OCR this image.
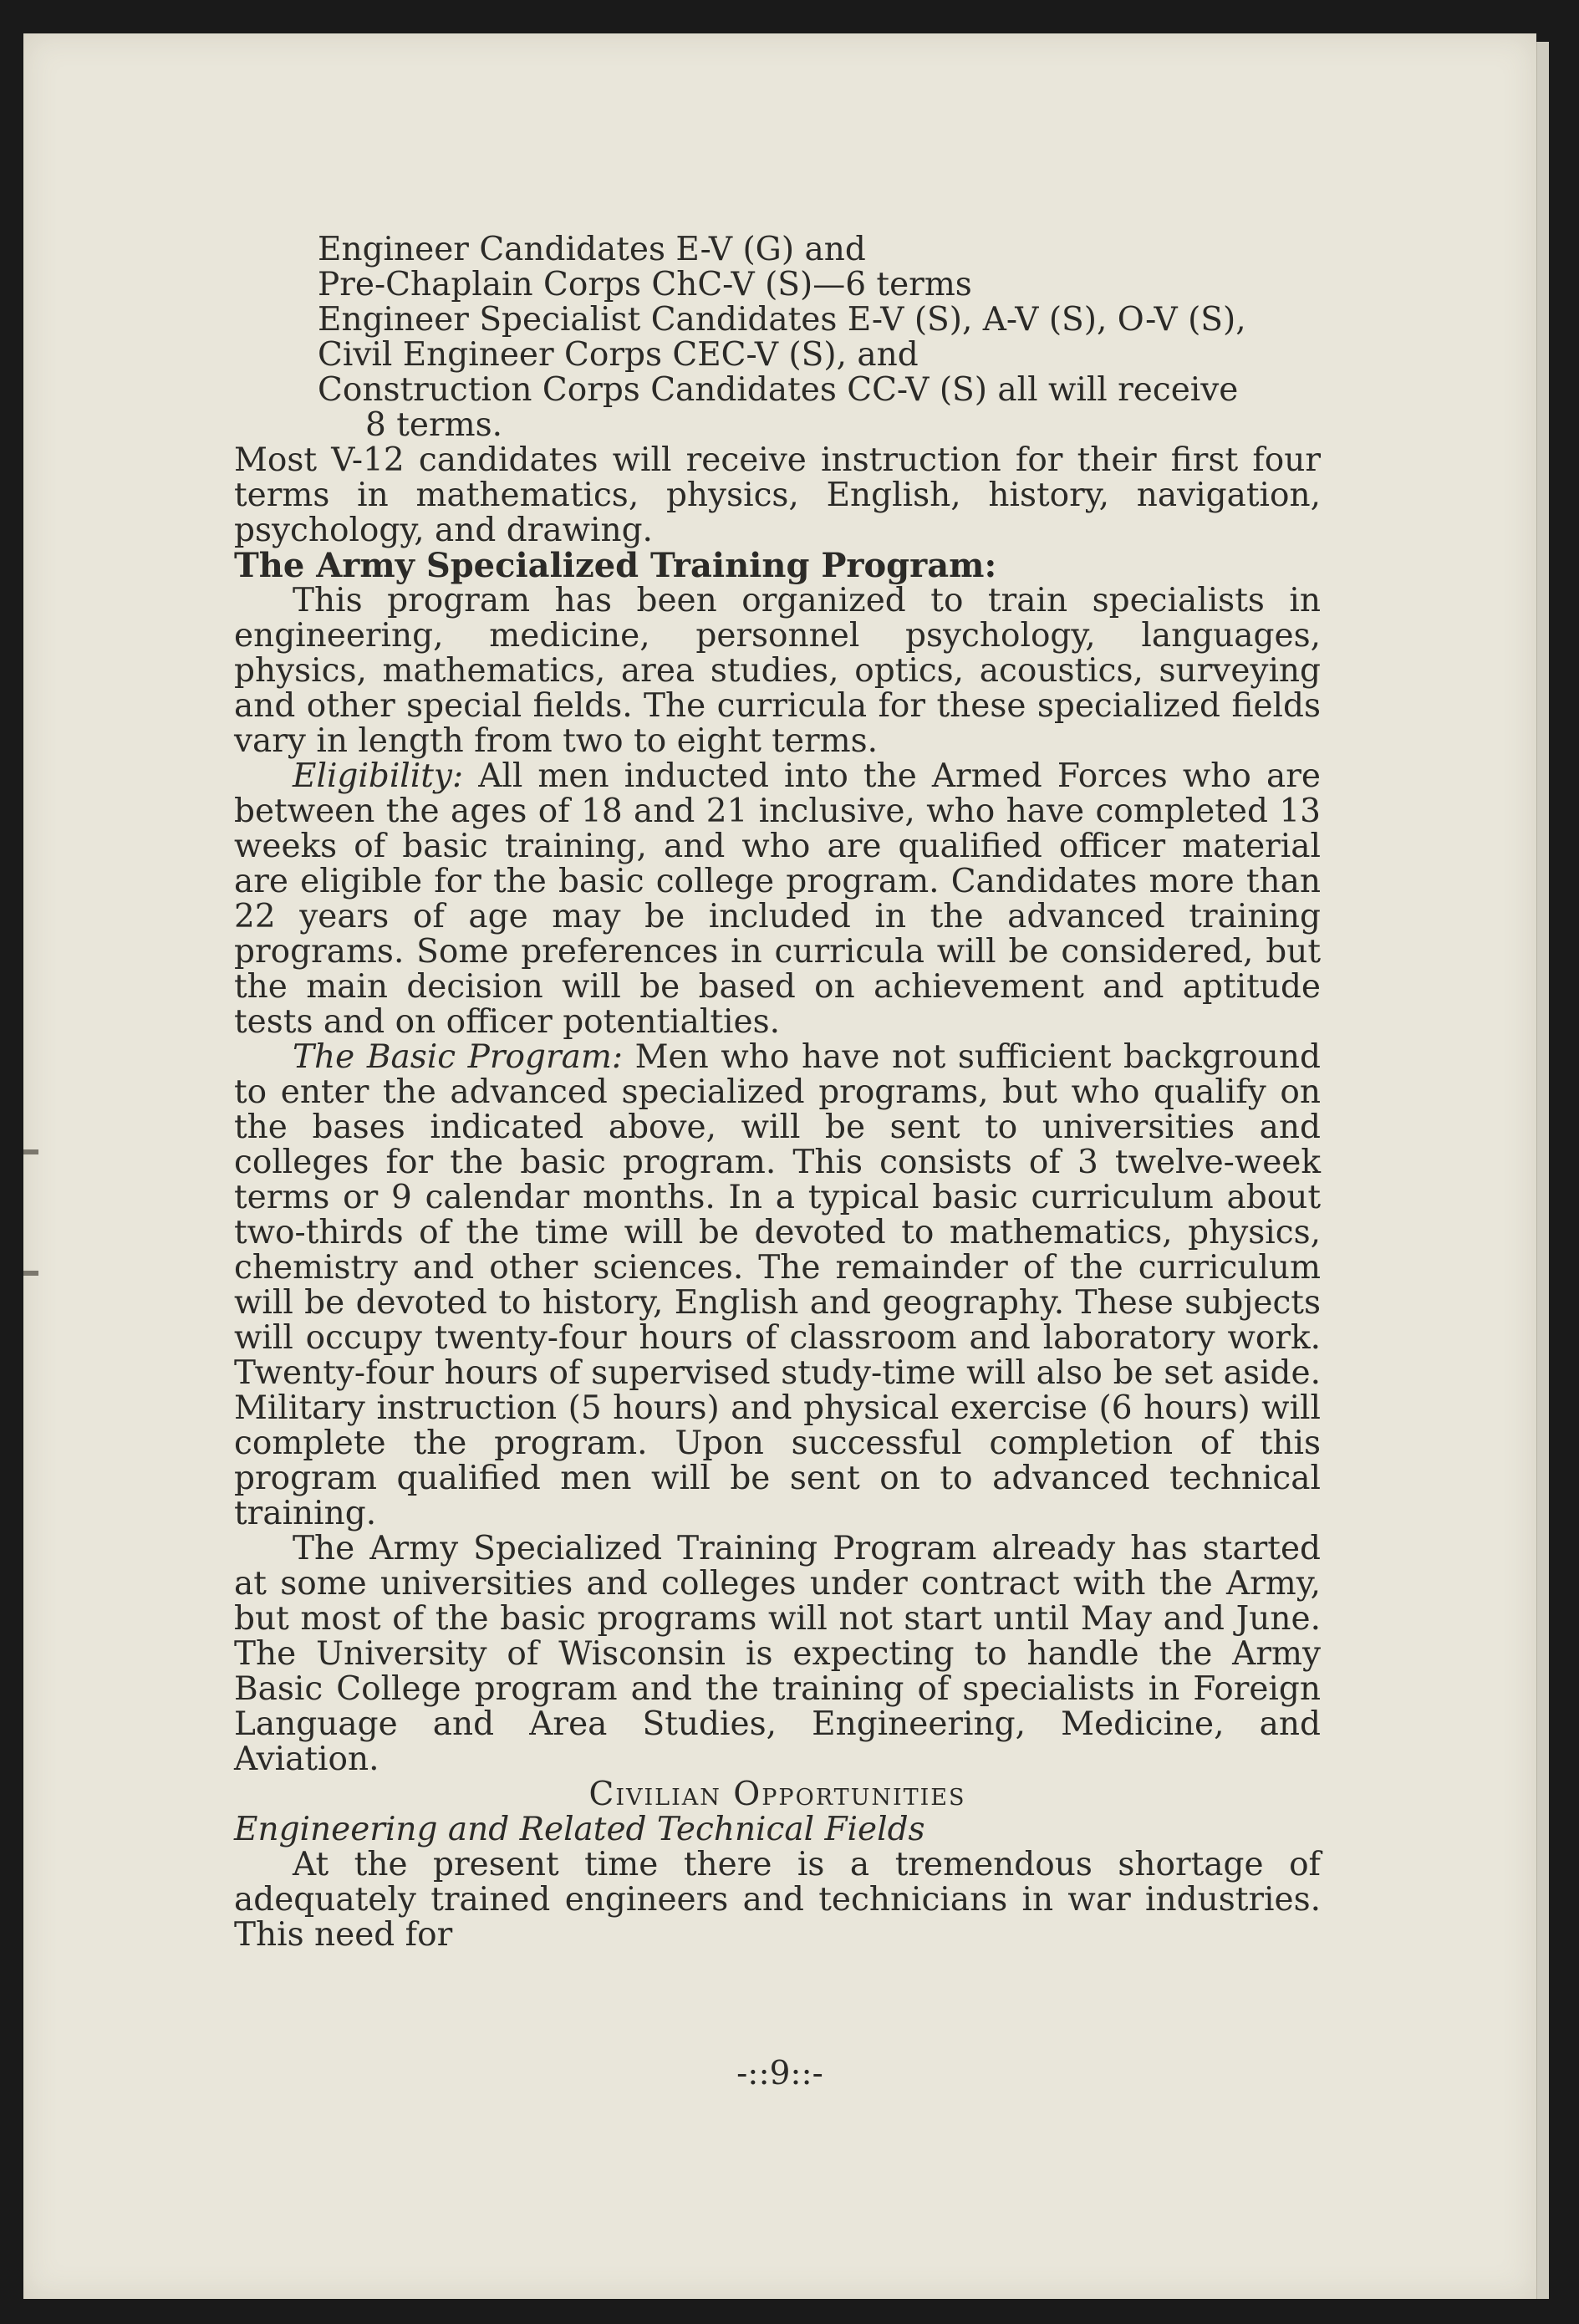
Engineer Candidates E-V (G) and

Pre-Chaplain Corps ChC-V (S)—6 terms

Engineer Specialist Candidates E-V (S), A-V (S), O-V (S),

Civil Engineer Corps CEC-V (S), and

Construction Corps Candidates CC-V (S) all will receive

8 terms.

Most V-12 candidates will receive instruction for their first four terms in mathematics, physics, English, history, navigation, psychology, and drawing.

The Army Specialized Training Program:

This program has been organized to train specialists in engineering, medicine, personnel psychology, languages, physics, mathematics, area studies, optics, acoustics, surveying and other special fields. The curricula for these specialized fields vary in length from two to eight terms.

Eligibility: All men inducted into the Armed Forces who are between the ages of 18 and 21 inclusive, who have completed 13 weeks of basic training, and who are qualified officer material are eligible for the basic college program. Candidates more than 22 years of age may be included in the advanced training programs. Some preferences in curricula will be considered, but the main decision will be based on achievement and aptitude tests and on officer potentialties.

The Basic Program: Men who have not sufficient background to enter the advanced specialized programs, but who qualify on the bases indicated above, will be sent to universities and colleges for the basic program. This consists of 3 twelve-week terms or 9 calendar months. In a typical basic curriculum about two-thirds of the time will be devoted to mathematics, physics, chemistry and other sciences. The remainder of the curriculum will be devoted to history, English and geography. These subjects will occupy twenty-four hours of classroom and laboratory work. Twenty-four hours of supervised study-time will also be set aside. Military instruction (5 hours) and physical exercise (6 hours) will complete the program. Upon successful completion of this program qualified men will be sent on to advanced technical training.

The Army Specialized Training Program already has started at some universities and colleges under contract with the Army, but most of the basic programs will not start until May and June. The University of Wisconsin is expecting to handle the Army Basic College program and the training of specialists in Foreign Language and Area Studies, Engineering, Medicine, and Aviation.

Civilian Opportunities

Engineering and Related Technical Fields

At the present time there is a tremendous shortage of adequately trained engineers and technicians in war industries. This need for

-::9::-
